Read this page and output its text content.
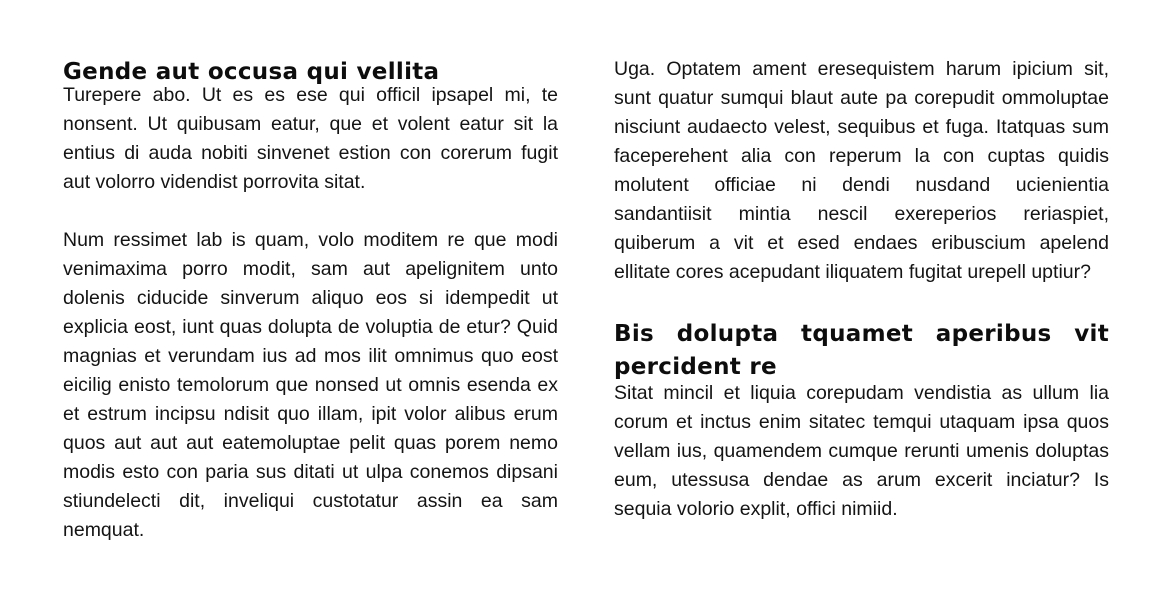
Gende aut occusa qui vellita

Turepere abo. Ut es es ese qui officil ipsapel mi, te nonsent. Ut quibusam eatur, que et volent eatur sit la entius di auda nobiti sinvenet estion con corerum fugit aut volorro videndist porrovita sitat.

Num ressimet lab is quam, volo moditem re que modi venimaxima porro modit, sam aut apelignitem unto dolenis ciducide sinverum aliquo eos si idempedit ut explicia eost, iunt quas dolupta de voluptia de etur? Quid magnias et verundam ius ad mos ilit omnimus quo eost eicilig enisto temolorum que nonsed ut omnis esenda ex et estrum incipsu ndisit quo illam, ipit volor alibus erum quos aut aut aut eatemoluptae pelit quas porem nemo modis esto con paria sus ditati ut ulpa conemos dipsani stiundelecti dit, inveliqui custotatur assin ea sam nemquat.

Uga. Optatem ament eresequistem harum ipicium sit, sunt quatur sumqui blaut aute pa corepudit ommoluptae nisciunt audaecto velest, sequibus et fuga. Itatquas sum faceperehent alia con reperum la con cuptas quidis molutent officiae ni dendi nusdand ucienientia sandantiisit mintia nescil exereperios reriaspiet, quiberum a vit et esed endaes eribuscium apelend ellitate cores acepudant iliquatem fugitat urepell uptiur?

Bis dolupta tquamet aperibus vit percident re

Sitat mincil et liquia corepudam vendistia as ullum lia corum et inctus enim sitatec temqui utaquam ipsa quos vellam ius, quamendem cumque rerunti umenis doluptas eum, utessusa dendae as arum excerit inciatur? Is sequia volorio explit, offici nimiid.
